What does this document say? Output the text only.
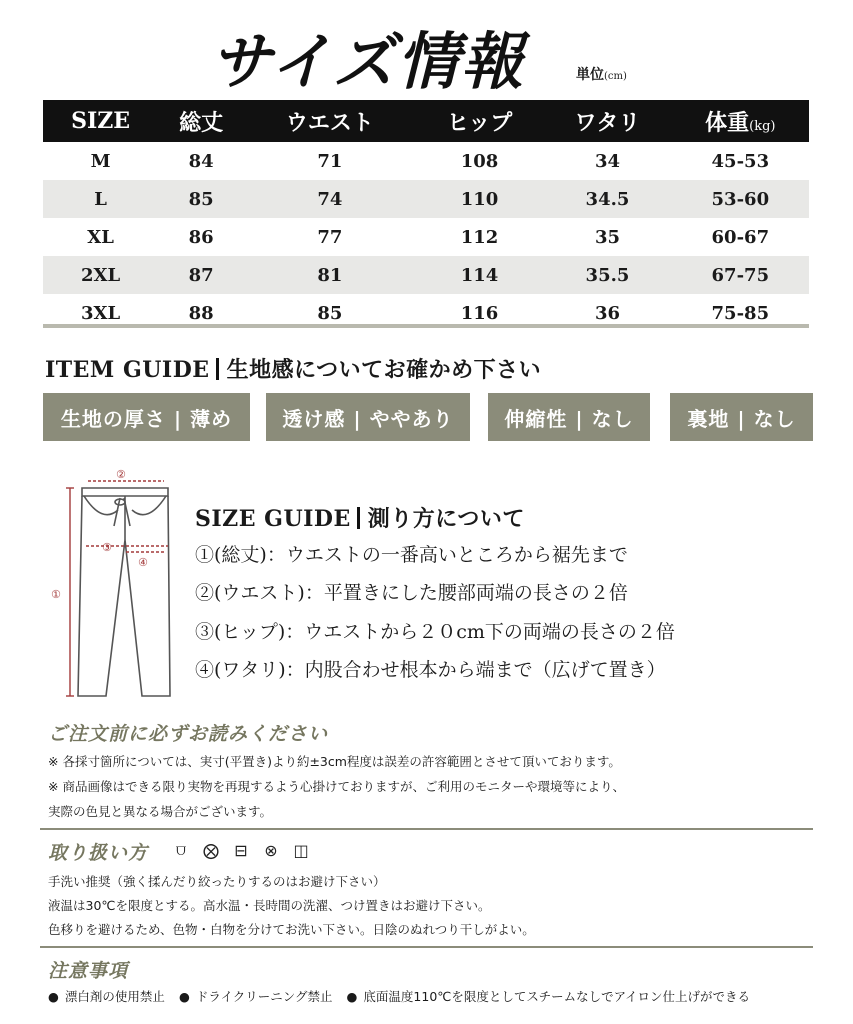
サイズ情報	単位(cm)
SIZE	総丈	ウエスト	ヒップ	ワタリ	体重(kg)
M	84	71	108	34	45-53
L	85	74	110	34.5	53-60
XL	86	77	112	35	60-67
2XL	87	81	114	35.5	67-75
3XL	88	85	116	36	75-85
ITEM GUIDE 生地感についてお確かめ下さい
生地の厚さ | 薄め	透け感 | ややあり	伸縮性 | なし	裏地 | なし
②
①
③
④
SIZE GUIDE 測り方について
①(総丈)：ウエストの一番高いところから裾先まで
②(ウエスト)：平置きにした腰部両端の長さの２倍
③(ヒップ)：ウエストから２０cm下の両端の長さの２倍
④(ワタリ)：内股合わせ根本から端まで（広げて置き）
ご注文前に必ずお読みください
※ 各採寸箇所については、実寸(平置き)より約±3cm程度は誤差の許容範囲とさせて頂いております。
※ 商品画像はできる限り実物を再現するよう心掛けておりますが、ご利用のモニターや環境等により、
実際の色見と異なる場合がございます。
取り扱い方	⩌	⨂ ⊟ ⊗ ◫
手洗い推奨（強く揉んだり絞ったりするのはお避け下さい）
液温は30℃を限度とする。高水温・長時間の洗濯、つけ置きはお避け下さい。
色移りを避けるため、色物・白物を分けてお洗い下さい。日陰のぬれつり干しがよい。
注意事項
● 漂白剤の使用禁止	● ドライクリーニング禁止	● 底面温度110℃を限度としてスチームなしでアイロン仕上げができる
